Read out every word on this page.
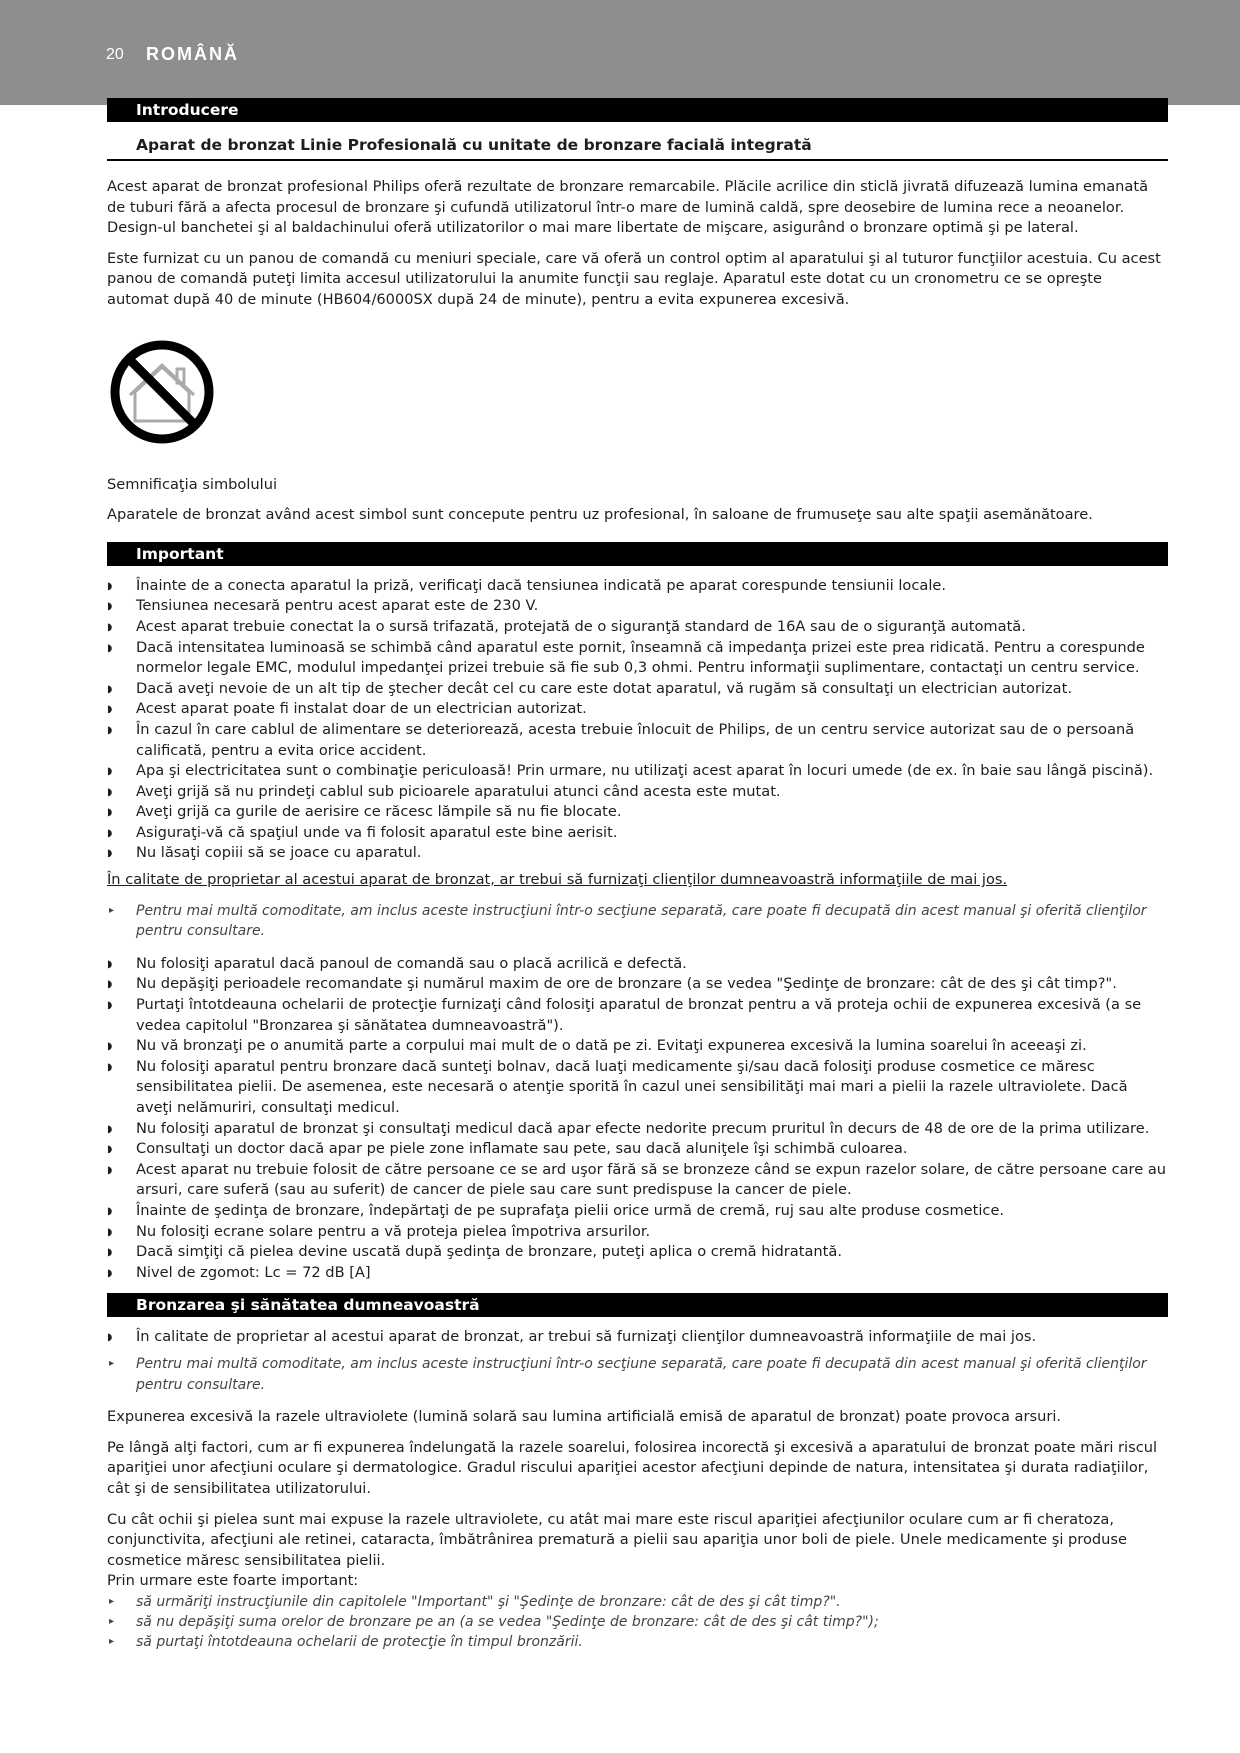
20 ROMÂNĂ
Introducere
Aparat de bronzat Linie Profesională cu unitate de bronzare facială integrată

Acest aparat de bronzat profesional Philips oferă rezultate de bronzare remarcabile. Plăcile acrilice din sticlă jivrată difuzează lumina emanată de tuburi fără a afecta procesul de bronzare şi cufundă utilizatorul într-o mare de lumină caldă, spre deosebire de lumina rece a neoanelor. Design-ul banchetei şi al baldachinului oferă utilizatorilor o mai mare libertate de mişcare, asigurând o bronzare optimă şi pe lateral.

Este furnizat cu un panou de comandă cu meniuri speciale, care vă oferă un control optim al aparatului şi al tuturor funcţiilor acestuia. Cu acest panou de comandă puteţi limita accesul utilizatorului la anumite funcţii sau reglaje. Aparatul este dotat cu un cronometru ce se opreşte automat după 40 de minute (HB604/6000SX după 24 de minute), pentru a evita expunerea excesivă.

Semnificaţia simbolului

Aparatele de bronzat având acest simbol sunt concepute pentru uz profesional, în saloane de frumuseţe sau alte spaţii asemănătoare.

Important
◗ Înainte de a conecta aparatul la priză, verificaţi dacă tensiunea indicată pe aparat corespunde tensiunii locale.
◗ Tensiunea necesară pentru acest aparat este de 230 V.
◗ Acest aparat trebuie conectat la o sursă trifazată, protejată de o siguranţă standard de 16A sau de o siguranţă automată.
◗ Dacă intensitatea luminoasă se schimbă când aparatul este pornit, înseamnă că impedanţa prizei este prea ridicată. Pentru a corespunde normelor legale EMC, modulul impedanţei prizei trebuie să fie sub 0,3 ohmi. Pentru informaţii suplimentare, contactaţi un centru service.
◗ Dacă aveţi nevoie de un alt tip de ştecher decât cel cu care este dotat aparatul, vă rugăm să consultaţi un electrician autorizat.
◗ Acest aparat poate fi instalat doar de un electrician autorizat.
◗ În cazul în care cablul de alimentare se deteriorează, acesta trebuie înlocuit de Philips, de un centru service autorizat sau de o persoană calificată, pentru a evita orice accident.
◗ Apa şi electricitatea sunt o combinaţie periculoasă! Prin urmare, nu utilizaţi acest aparat în locuri umede (de ex. în baie sau lângă piscină).
◗ Aveţi grijă să nu prindeţi cablul sub picioarele aparatului atunci când acesta este mutat.
◗ Aveţi grijă ca gurile de aerisire ce răcesc lămpile să nu fie blocate.
◗ Asiguraţi-vă că spaţiul unde va fi folosit aparatul este bine aerisit.
◗ Nu lăsaţi copiii să se joace cu aparatul.

În calitate de proprietar al acestui aparat de bronzat, ar trebui să furnizaţi clienţilor dumneavoastră informaţiile de mai jos.

▸ Pentru mai multă comoditate, am inclus aceste instrucţiuni într-o secţiune separată, care poate fi decupată din acest manual şi oferită clienţilor pentru consultare.
◗ Nu folosiţi aparatul dacă panoul de comandă sau o placă acrilică e defectă.
◗ Nu depăşiţi perioadele recomandate şi numărul maxim de ore de bronzare (a se vedea "Şedinţe de bronzare: cât de des şi cât timp?".
◗ Purtaţi întotdeauna ochelarii de protecţie furnizaţi când folosiţi aparatul de bronzat pentru a vă proteja ochii de expunerea excesivă (a se vedea capitolul "Bronzarea şi sănătatea dumneavoastră").
◗ Nu vă bronzaţi pe o anumită parte a corpului mai mult de o dată pe zi. Evitaţi expunerea excesivă la lumina soarelui în aceeaşi zi.
◗ Nu folosiţi aparatul pentru bronzare dacă sunteţi bolnav, dacă luaţi medicamente şi/sau dacă folosiţi produse cosmetice ce măresc sensibilitatea pielii. De asemenea, este necesară o atenţie sporită în cazul unei sensibilităţi mai mari a pielii la razele ultraviolete. Dacă aveţi nelămuriri, consultaţi medicul.
◗ Nu folosiţi aparatul de bronzat şi consultaţi medicul dacă apar efecte nedorite precum pruritul în decurs de 48 de ore de la prima utilizare.
◗ Consultaţi un doctor dacă apar pe piele zone inflamate sau pete, sau dacă aluniţele îşi schimbă culoarea.
◗ Acest aparat nu trebuie folosit de către persoane ce se ard uşor fără să se bronzeze când se expun razelor solare, de către persoane care au arsuri, care suferă (sau au suferit) de cancer de piele sau care sunt predispuse la cancer de piele.
◗ Înainte de şedinţa de bronzare, îndepărtaţi de pe suprafaţa pielii orice urmă de cremă, ruj sau alte produse cosmetice.
◗ Nu folosiţi ecrane solare pentru a vă proteja pielea împotriva arsurilor.
◗ Dacă simţiţi că pielea devine uscată după şedinţa de bronzare, puteţi aplica o cremă hidratantă.
◗ Nivel de zgomot: Lc = 72 dB [A]
Bronzarea şi sănătatea dumneavoastră
◗ În calitate de proprietar al acestui aparat de bronzat, ar trebui să furnizaţi clienţilor dumneavoastră informaţiile de mai jos.
▸ Pentru mai multă comoditate, am inclus aceste instrucţiuni într-o secţiune separată, care poate fi decupată din acest manual şi oferită clienţilor pentru consultare.

Expunerea excesivă la razele ultraviolete (lumină solară sau lumina artificială emisă de aparatul de bronzat) poate provoca arsuri.

Pe lângă alţi factori, cum ar fi expunerea îndelungată la razele soarelui, folosirea incorectă şi excesivă a aparatului de bronzat poate mări riscul apariţiei unor afecţiuni oculare şi dermatologice. Gradul riscului apariţiei acestor afecţiuni depinde de natura, intensitatea şi durata radiaţiilor, cât şi de sensibilitatea utilizatorului.

Cu cât ochii şi pielea sunt mai expuse la razele ultraviolete, cu atât mai mare este riscul apariţiei afecţiunilor oculare cum ar fi cheratoza, conjunctivita, afecţiuni ale retinei, cataracta, îmbătrânirea prematură a pielii sau apariţia unor boli de piele. Unele medicamente şi produse cosmetice măresc sensibilitatea pielii.

Prin urmare este foarte important:

▸ să urmăriţi instrucţiunile din capitolele "Important" şi "Şedinţe de bronzare: cât de des şi cât timp?".
▸ să nu depăşiţi suma orelor de bronzare pe an (a se vedea "Şedinţe de bronzare: cât de des şi cât timp?");
▸ să purtaţi întotdeauna ochelarii de protecţie în timpul bronzării.
